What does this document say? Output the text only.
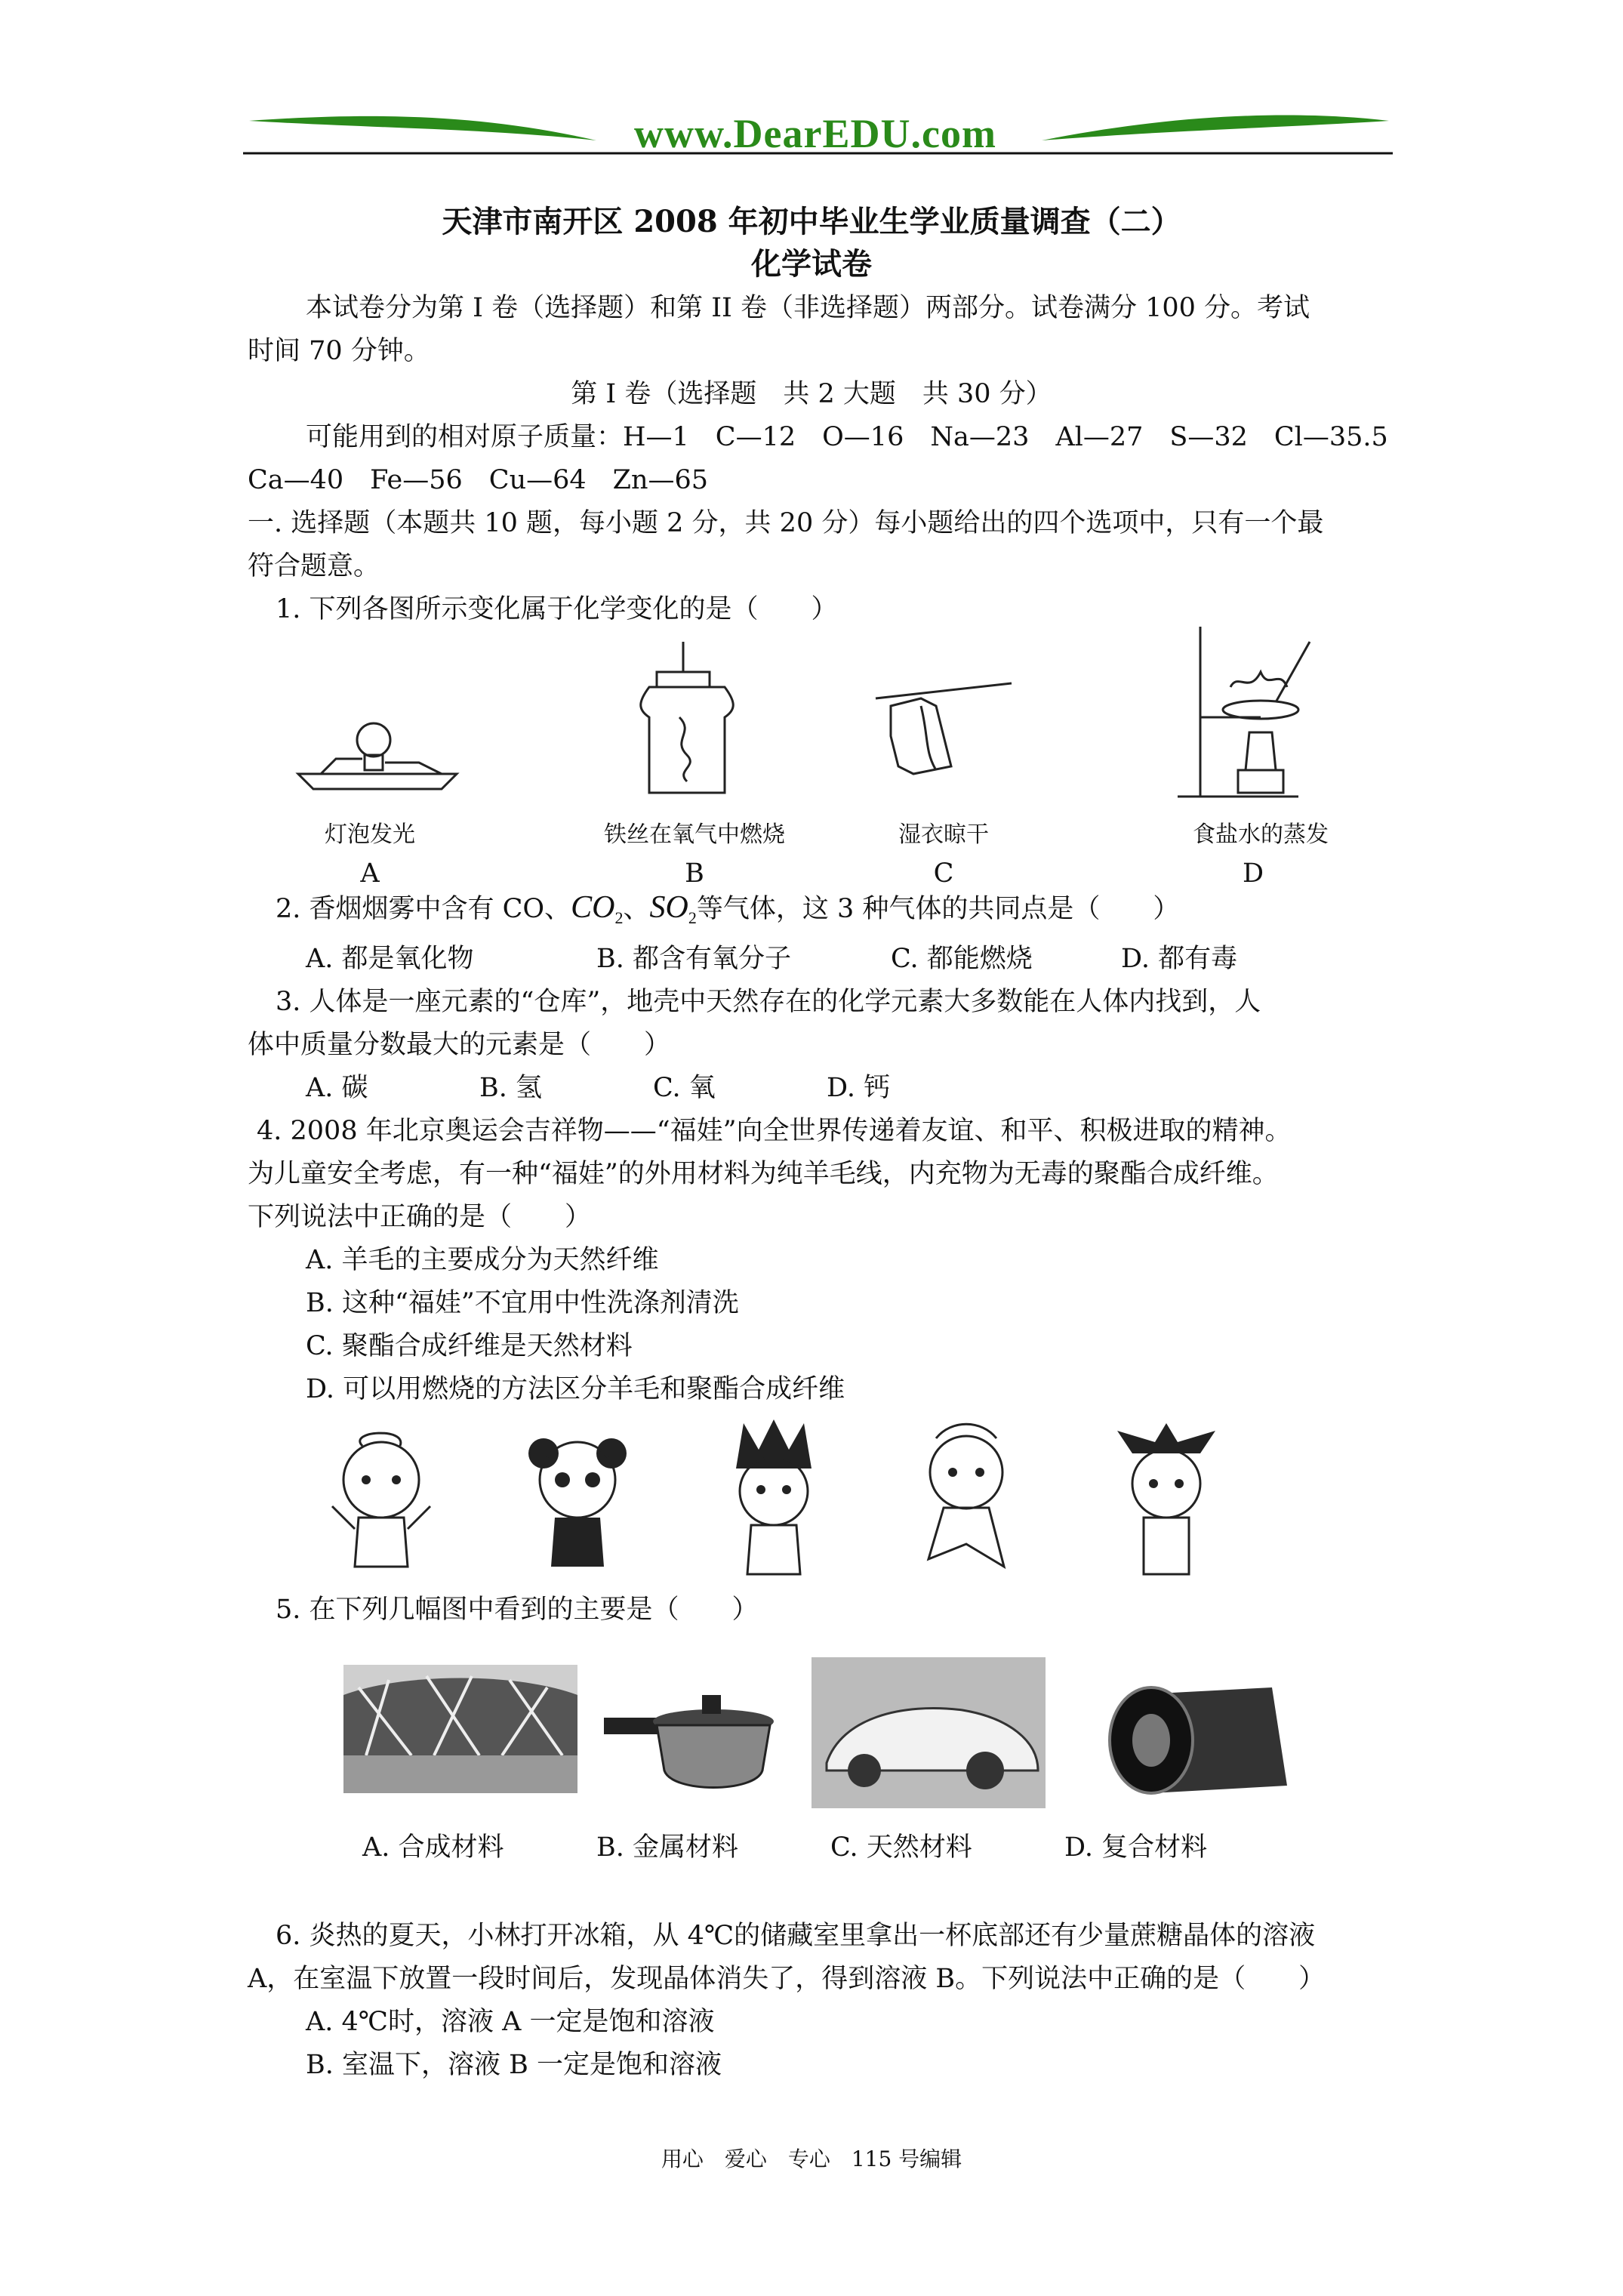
www.DearEDU.com
天津市南开区 2008 年初中毕业生学业质量调查（二）
化学试卷
本试卷分为第 I 卷（选择题）和第 II 卷（非选择题）两部分。试卷满分 100 分。考试
时间 70 分钟。
第 I 卷（选择题　共 2 大题　共 30 分）
可能用到的相对原子质量：H—1　C—12　O—16　Na—23　Al—27　S—32　Cl—35.5
Ca—40　Fe—56　Cu—64　Zn—65
一. 选择题（本题共 10 题，每小题 2 分，共 20 分）每小题给出的四个选项中，只有一个最
符合题意。
1. 下列各图所示变化属于化学变化的是（　　）
灯泡发光
A
铁丝在氧气中燃烧
B
湿衣晾干
C
食盐水的蒸发
D
2. 香烟烟雾中含有 CO、$CO_2$、$SO_2$等气体，这 3 种气体的共同点是（　　）
A. 都是氧化物	B. 都含有氧分子	C. 都能燃烧	D. 都有毒
3. 人体是一座元素的“仓库”，地壳中天然存在的化学元素大多数能在人体内找到，人
体中质量分数最大的元素是（　　）
A. 碳	B. 氢	C. 氧	D. 钙
4. 2008 年北京奥运会吉祥物——“福娃”向全世界传递着友谊、和平、积极进取的精神。
为儿童安全考虑，有一种“福娃”的外用材料为纯羊毛线，内充物为无毒的聚酯合成纤维。
下列说法中正确的是（　　）
A. 羊毛的主要成分为天然纤维
B. 这种“福娃”不宜用中性洗涤剂清洗
C. 聚酯合成纤维是天然材料
D. 可以用燃烧的方法区分羊毛和聚酯合成纤维
5. 在下列几幅图中看到的主要是（　　）
A. 合成材料	B. 金属材料	C. 天然材料	D. 复合材料
6. 炎热的夏天，小林打开冰箱，从 4℃的储藏室里拿出一杯底部还有少量蔗糖晶体的溶液
A，在室温下放置一段时间后，发现晶体消失了，得到溶液 B。下列说法中正确的是（　　）
A. 4℃时，溶液 A 一定是饱和溶液
B. 室温下，溶液 B 一定是饱和溶液
用心　爱心　专心　115 号编辑
